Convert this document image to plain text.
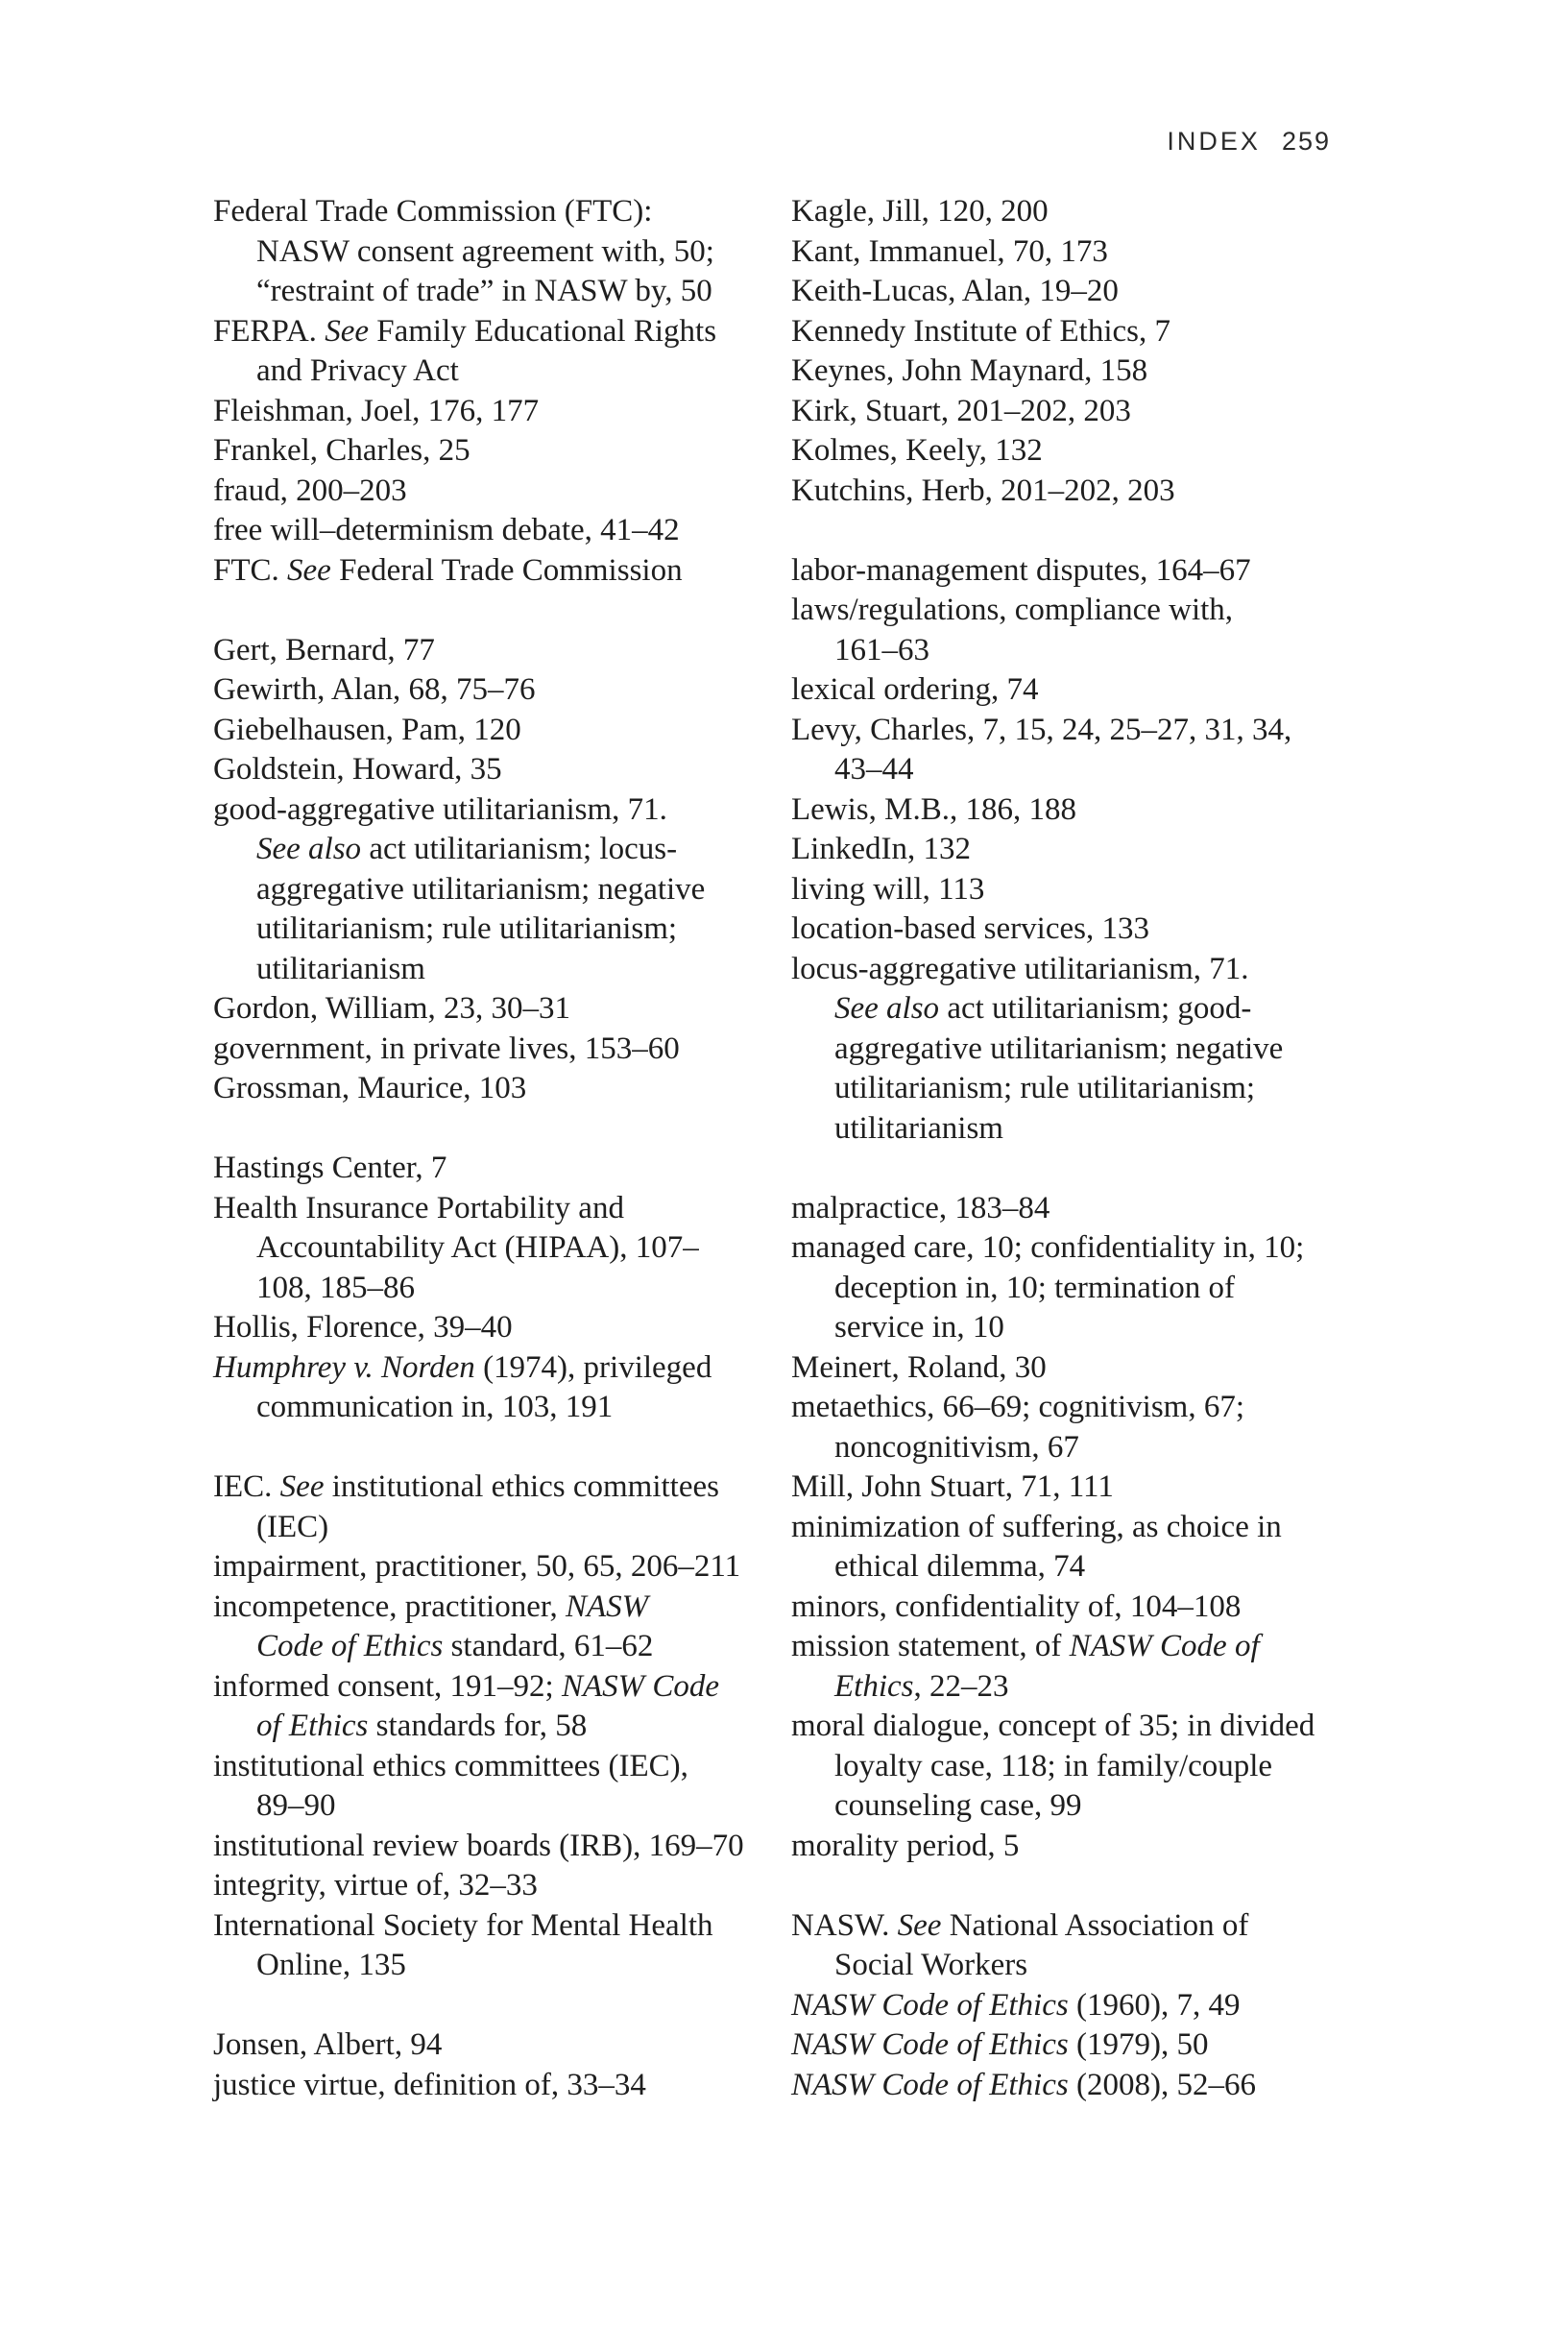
INDEX 259
Federal Trade Commission (FTC):
NASW consent agreement with, 50;
“restraint of trade” in NASW by, 50
FERPA. See Family Educational Rights
and Privacy Act
Fleishman, Joel, 176, 177
Frankel, Charles, 25
fraud, 200–203
free will–determinism debate, 41–42
FTC. See Federal Trade Commission
Gert, Bernard, 77
Gewirth, Alan, 68, 75–76
Giebelhausen, Pam, 120
Goldstein, Howard, 35
good-aggregative utilitarianism, 71.
See also act utilitarianism; locus-
aggregative utilitarianism; negative
utilitarianism; rule utilitarianism;
utilitarianism
Gordon, William, 23, 30–31
government, in private lives, 153–60
Grossman, Maurice, 103
Hastings Center, 7
Health Insurance Portability and
Accountability Act (HIPAA), 107–
108, 185–86
Hollis, Florence, 39–40
Humphrey v. Norden (1974), privileged
communication in, 103, 191
IEC. See institutional ethics committees
(IEC)
impairment, practitioner, 50, 65, 206–211
incompetence, practitioner, NASW
Code of Ethics standard, 61–62
informed consent, 191–92; NASW Code
of Ethics standards for, 58
institutional ethics committees (IEC),
89–90
institutional review boards (IRB), 169–70
integrity, virtue of, 32–33
International Society for Mental Health
Online, 135
Jonsen, Albert, 94
justice virtue, definition of, 33–34
Kagle, Jill, 120, 200
Kant, Immanuel, 70, 173
Keith-Lucas, Alan, 19–20
Kennedy Institute of Ethics, 7
Keynes, John Maynard, 158
Kirk, Stuart, 201–202, 203
Kolmes, Keely, 132
Kutchins, Herb, 201–202, 203
labor-management disputes, 164–67
laws/regulations, compliance with,
161–63
lexical ordering, 74
Levy, Charles, 7, 15, 24, 25–27, 31, 34,
43–44
Lewis, M.B., 186, 188
LinkedIn, 132
living will, 113
location-based services, 133
locus-aggregative utilitarianism, 71.
See also act utilitarianism; good-
aggregative utilitarianism; negative
utilitarianism; rule utilitarianism;
utilitarianism
malpractice, 183–84
managed care, 10; confidentiality in, 10;
deception in, 10; termination of
service in, 10
Meinert, Roland, 30
metaethics, 66–69; cognitivism, 67;
noncognitivism, 67
Mill, John Stuart, 71, 111
minimization of suffering, as choice in
ethical dilemma, 74
minors, confidentiality of, 104–108
mission statement, of NASW Code of
Ethics, 22–23
moral dialogue, concept of 35; in divided
loyalty case, 118; in family/couple
counseling case, 99
morality period, 5
NASW. See National Association of
Social Workers
NASW Code of Ethics (1960), 7, 49
NASW Code of Ethics (1979), 50
NASW Code of Ethics (2008), 52–66
